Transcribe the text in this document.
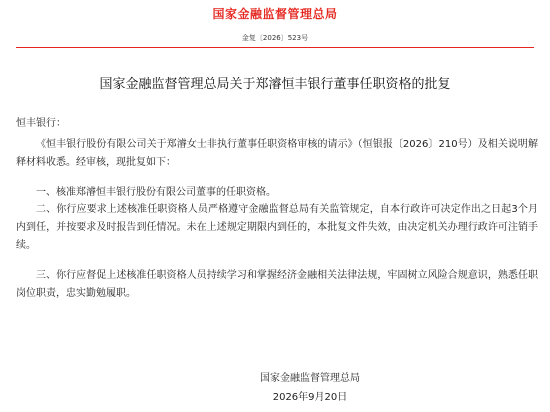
国家金融监督管理总局
金复〔2026〕523号
国家金融监督管理总局关于郑濬恒丰银行董事任职资格的批复
恒丰银行：

《恒丰银行股份有限公司关于郑濬女士非执行董事任职资格审核的请示》（恒银报〔2026〕210号）及相关说明解释材料收悉。经审核，现批复如下：

一、核准郑濬恒丰银行股份有限公司董事的任职资格。

二、你行应要求上述核准任职资格人员严格遵守金融监督总局有关监管规定，自本行政许可决定作出之日起3个月内到任，并按要求及时报告到任情况。未在上述规定期限内到任的，本批复文件失效，由决定机关办理行政许可注销手续。

三、你行应督促上述核准任职资格人员持续学习和掌握经济金融相关法律法规，牢固树立风险合规意识，熟悉任职岗位职责，忠实勤勉履职。

国家金融监督管理总局
2026年9月20日
